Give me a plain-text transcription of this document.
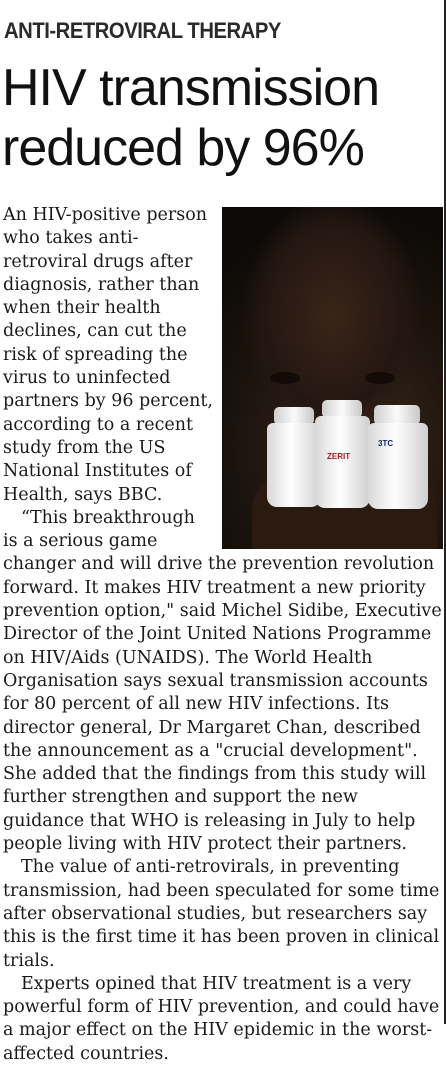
ANTI-RETROVIRAL THERAPY
HIV transmission reduced by 96%
ZERIT
3TC

An HIV-positive person who takes anti-retroviral drugs after diagnosis, rather than when their health declines, can cut the risk of spreading the virus to uninfected partners by 96 percent, according to a recent study from the US National Institutes of Health, says BBC.

“This breakthrough is a serious game changer and will drive the prevention revolution forward. It makes HIV treatment a new priority prevention option," said Michel Sidibe, Executive Director of the Joint United Nations Programme on HIV/Aids (UNAIDS). The World Health Organisation says sexual transmission accounts for 80 percent of all new HIV infections. Its director general, Dr Margaret Chan, described the announcement as a "crucial development". She added that the findings from this study will further strengthen and support the new guidance that WHO is releasing in July to help people living with HIV protect their partners.

The value of anti-retrovirals, in preventing transmission, had been speculated for some time after observational studies, but researchers say this is the first time it has been proven in clinical trials.

Experts opined that HIV treatment is a very powerful form of HIV prevention, and could have a major effect on the HIV epidemic in the worst-affected countries.
